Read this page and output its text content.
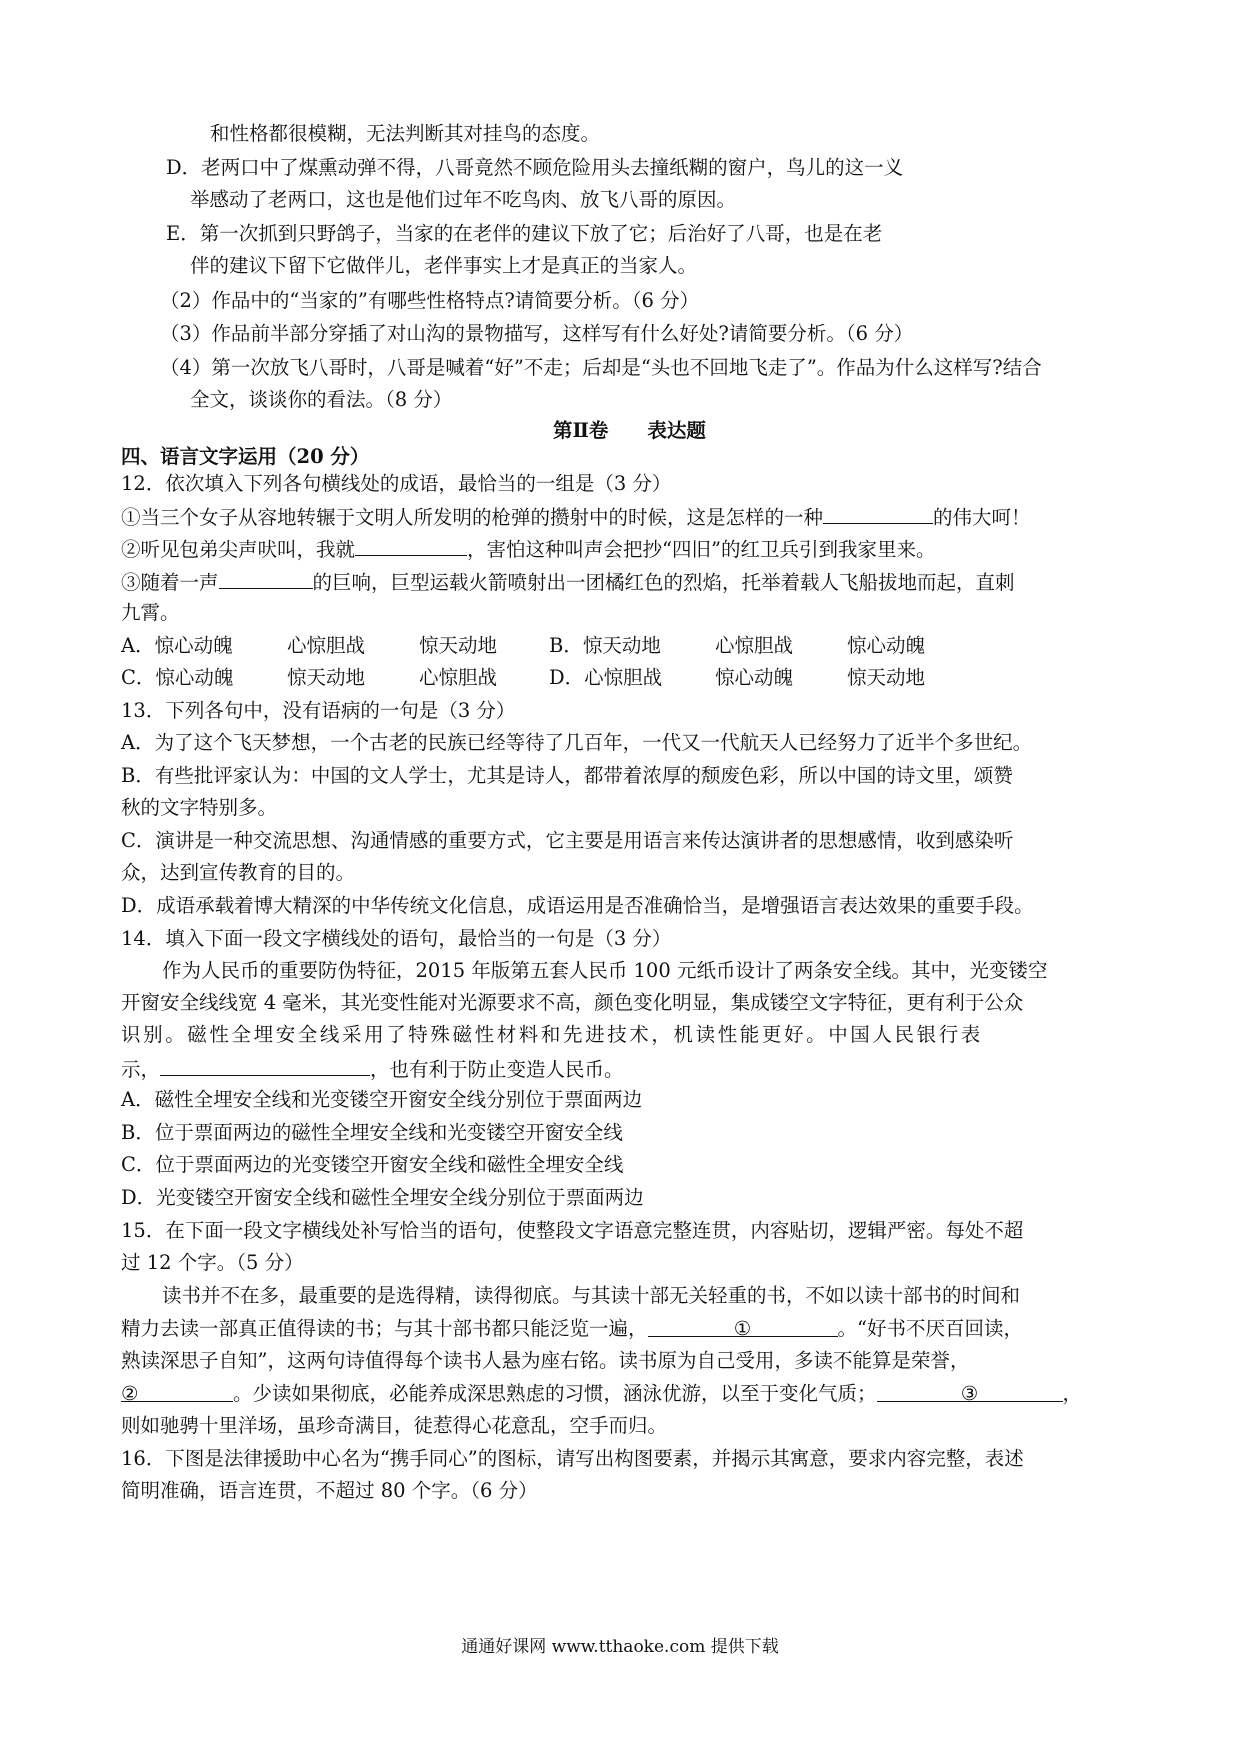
和性格都很模糊，无法判断其对挂鸟的态度。
D．老两口中了煤熏动弹不得，八哥竟然不顾危险用头去撞纸糊的窗户，鸟儿的这一义
举感动了老两口，这也是他们过年不吃鸟肉、放飞八哥的原因。
E．第一次抓到只野鸽子，当家的在老伴的建议下放了它；后治好了八哥，也是在老
伴的建议下留下它做伴儿，老伴事实上才是真正的当家人。
（2）作品中的“当家的”有哪些性格特点?请简要分析。（6 分）
（3）作品前半部分穿插了对山沟的景物描写，这样写有什么好处?请简要分析。（6 分）
（4）第一次放飞八哥时，八哥是喊着“好”不走；后却是“头也不回地飞走了”。作品为什么这样写?结合
全文，谈谈你的看法。（8 分）
第Ⅱ卷　　表达题
四、语言文字运用（20 分）
12．依次填入下列各句横线处的成语，最恰当的一组是（3 分）
①当三个女子从容地转辗于文明人所发明的枪弹的攒射中的时候，这是怎样的一种	的伟大呵！
②听见包弟尖声吠叫，我就	，害怕这种叫声会把抄“四旧”的红卫兵引到我家里来。
③随着一声	的巨响，巨型运载火箭喷射出一团橘红色的烈焰，托举着载人飞船拔地而起，直刺
九霄。
A．惊心动魄	心惊胆战	惊天动地	B．惊天动地	心惊胆战	惊心动魄
C．惊心动魄	惊天动地	心惊胆战	D．心惊胆战	惊心动魄	惊天动地
13．下列各句中，没有语病的一句是（3 分）
A．为了这个飞天梦想，一个古老的民族已经等待了几百年，一代又一代航天人已经努力了近半个多世纪。
B．有些批评家认为：中国的文人学士，尤其是诗人，都带着浓厚的颓废色彩，所以中国的诗文里，颂赞
秋的文字特别多。
C．演讲是一种交流思想、沟通情感的重要方式，它主要是用语言来传达演讲者的思想感情，收到感染听
众，达到宣传教育的目的。
D．成语承载着博大精深的中华传统文化信息，成语运用是否准确恰当，是增强语言表达效果的重要手段。
14．填入下面一段文字横线处的语句，最恰当的一句是（3 分）
作为人民币的重要防伪特征，2015 年版第五套人民币 100 元纸币设计了两条安全线。其中，光变镂空
开窗安全线线宽 4 毫米，其光变性能对光源要求不高，颜色变化明显，集成镂空文字特征，更有利于公众
识别。磁性全埋安全线采用了特殊磁性材料和先进技术，机读性能更好。中国人民银行表
示，	，也有利于防止变造人民币。
A．磁性全埋安全线和光变镂空开窗安全线分别位于票面两边
B．位于票面两边的磁性全埋安全线和光变镂空开窗安全线
C．位于票面两边的光变镂空开窗安全线和磁性全埋安全线
D．光变镂空开窗安全线和磁性全埋安全线分别位于票面两边
15．在下面一段文字横线处补写恰当的语句，使整段文字语意完整连贯，内容贴切，逻辑严密。每处不超
过 12 个字。（5 分）
读书并不在多，最重要的是选得精，读得彻底。与其读十部无关轻重的书，不如以读十部书的时间和
精力去读一部真正值得读的书；与其十部书都只能泛览一遍，	①	。“好书不厌百回读，
熟读深思子自知”，这两句诗值得每个读书人悬为座右铭。读书原为自己受用，多读不能算是荣誉，
②	。少读如果彻底，必能养成深思熟虑的习惯，涵泳优游，以至于变化气质；	③	，
则如驰骋十里洋场，虽珍奇满目，徒惹得心花意乱，空手而归。
16．下图是法律援助中心名为“携手同心”的图标，请写出构图要素，并揭示其寓意，要求内容完整，表述
简明准确，语言连贯，不超过 80 个字。（6 分）
通通好课网 www.tthaoke.com 提供下载
